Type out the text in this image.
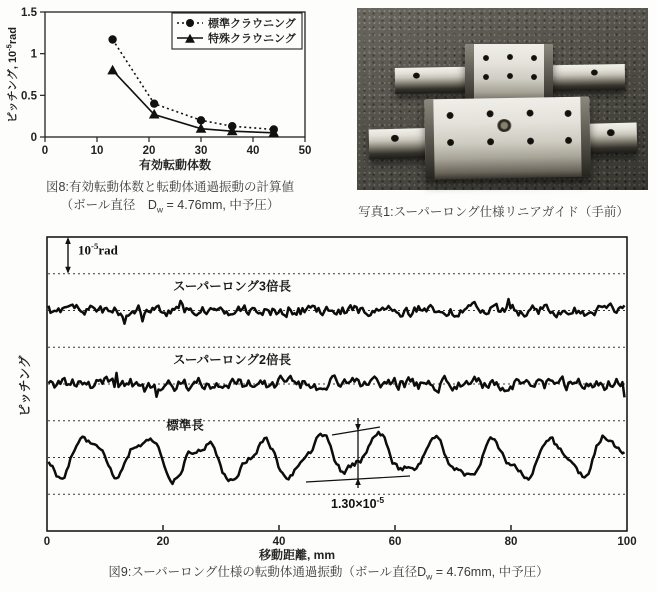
0	10	20	30	40	50
0
0.5
1
1.5
有効転動体数
標準クラウニング
特殊クラウニング
ピッチング, $10^{-5}rad$
図8:有効転動体数と転動体通過振動の計算値
（ボール直径　$D_w = 4.76mm$, 中予圧）	写真1:スーパーロング仕様リニアガイド（手前）
スーパーロング3倍長
スーパーロング2倍長
標準長
0	20	40	60	80	100
移動距離, mm
ピッチング
$10^{-5}rad$
$1.30\times 10^{-5}$
図9:スーパーロング仕様の転動体通過振動（ボール直径$D_w = 4.76mm$, 中予圧）
